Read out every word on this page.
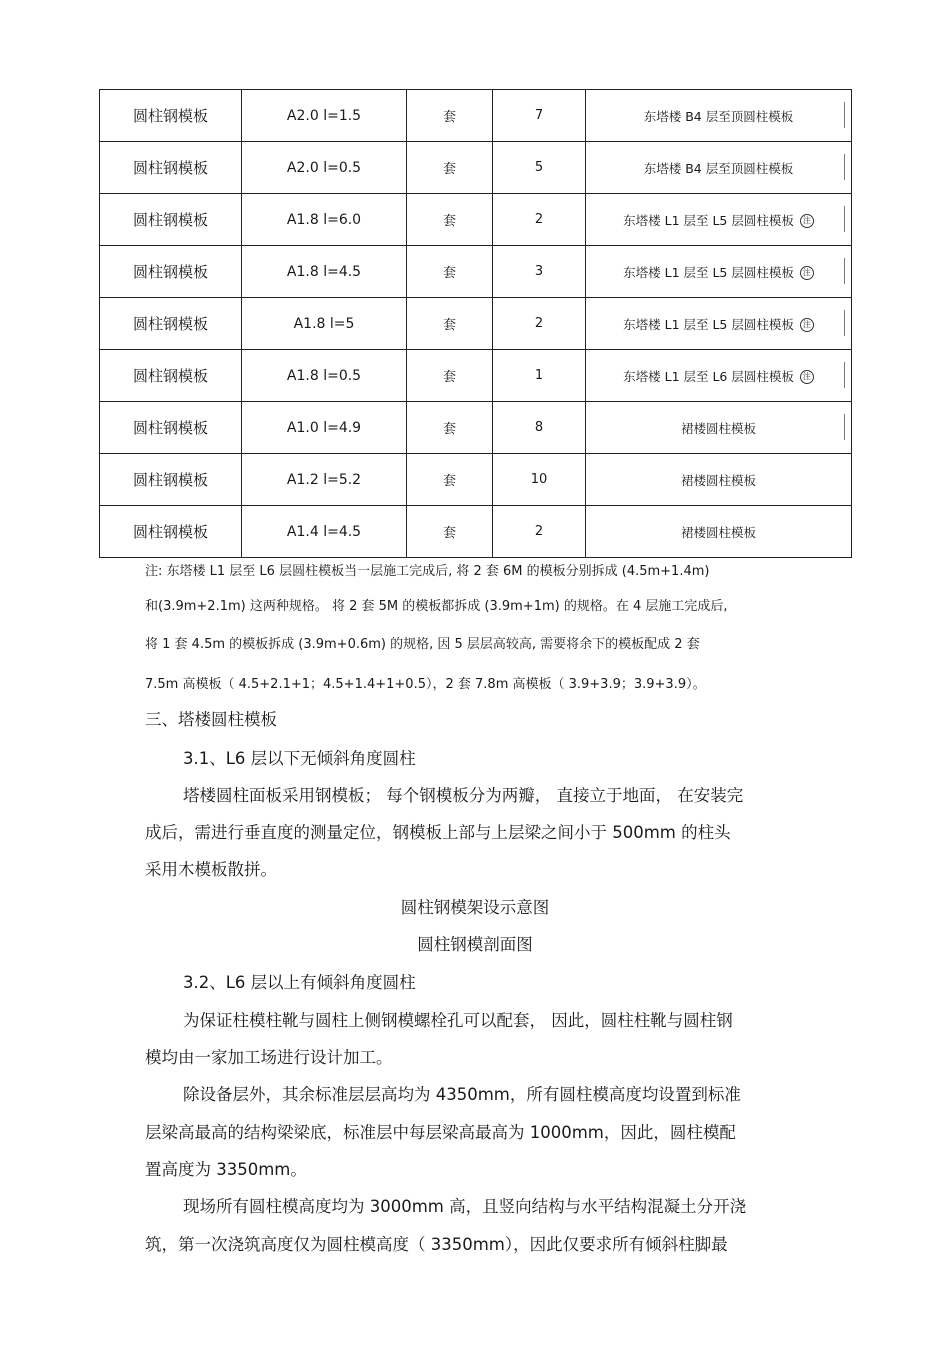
圆柱钢模板	A2.0 l=1.5	套	7	东塔楼 B4 层至顶圆柱模板

圆柱钢模板	A2.0 l=0.5	套	5	东塔楼 B4 层至顶圆柱模板

圆柱钢模板	A1.8 l=6.0	套	2	东塔楼 L1 层至 L5 层圆柱模板 注

圆柱钢模板	A1.8 l=4.5	套	3	东塔楼 L1 层至 L5 层圆柱模板 注

圆柱钢模板	A1.8 l=5	套	2	东塔楼 L1 层至 L5 层圆柱模板 注

圆柱钢模板	A1.8 l=0.5	套	1	东塔楼 L1 层至 L6 层圆柱模板 注

圆柱钢模板	A1.0 l=4.9	套	8	裙楼圆柱模板

圆柱钢模板	A1.2 l=5.2	套	10	裙楼圆柱模板
圆柱钢模板	A1.4 l=4.5	套	2	裙楼圆柱模板
注: 东塔楼 L1 层至 L6 层圆柱模板当一层施工完成后, 将 2 套 6M 的模板分别拆成 (4.5m+1.4m)
和(3.9m+2.1m) 这两种规格。 将 2 套 5M 的模板都拆成 (3.9m+1m) 的规格。在 4 层施工完成后,
将 1 套 4.5m 的模板拆成 (3.9m+0.6m) 的规格, 因 5 层层高较高, 需要将余下的模板配成 2 套
7.5m 高模板（ 4.5+2.1+1；4.5+1.4+1+0.5），2 套 7.8m 高模板（ 3.9+3.9；3.9+3.9）。
三、塔楼圆柱模板
3.1、L6 层以下无倾斜角度圆柱
塔楼圆柱面板采用钢模板； 每个钢模板分为两瓣， 直接立于地面， 在安装完
成后，需进行垂直度的测量定位，钢模板上部与上层梁之间小于 500mm 的柱头
采用木模板散拼。
圆柱钢模架设示意图
圆柱钢模剖面图
3.2、L6 层以上有倾斜角度圆柱
为保证柱模柱靴与圆柱上侧钢模螺栓孔可以配套， 因此，圆柱柱靴与圆柱钢
模均由一家加工场进行设计加工。
除设备层外，其余标准层层高均为 4350mm，所有圆柱模高度均设置到标准
层梁高最高的结构梁梁底，标准层中每层梁高最高为 1000mm，因此，圆柱模配
置高度为 3350mm。
现场所有圆柱模高度均为 3000mm 高，且竖向结构与水平结构混凝土分开浇
筑，第一次浇筑高度仅为圆柱模高度（ 3350mm），因此仅要求所有倾斜柱脚最
